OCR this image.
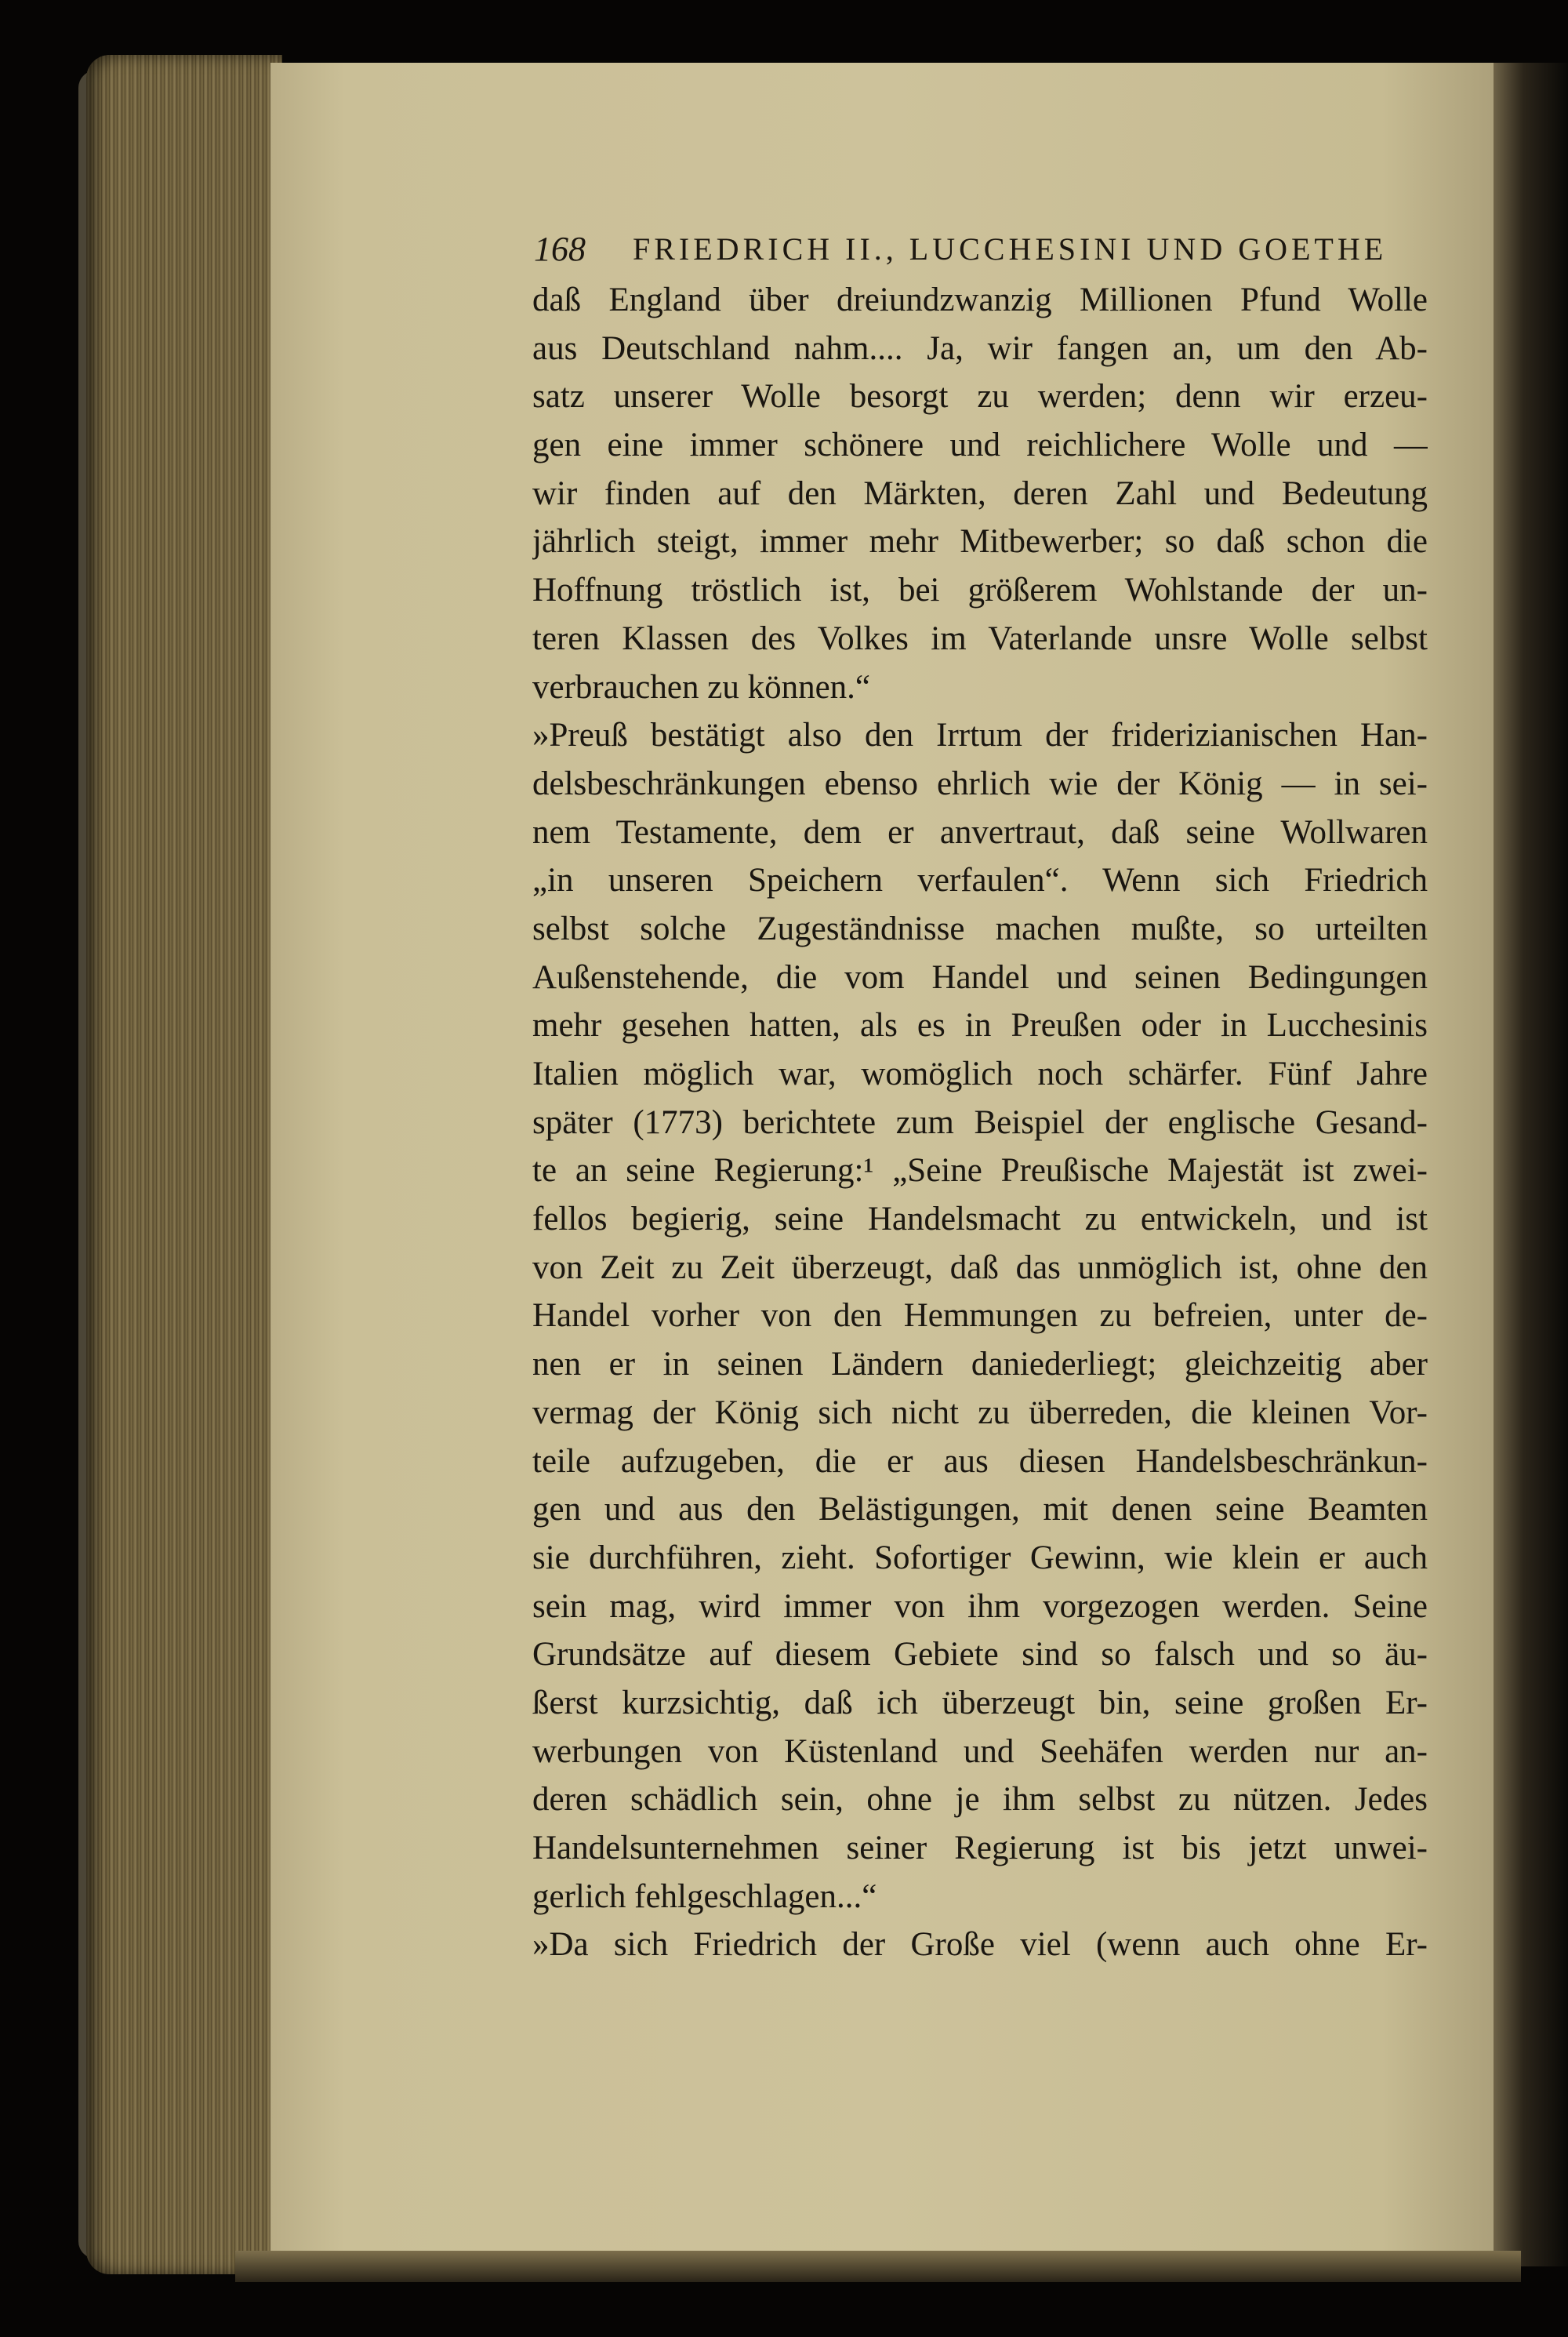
168 FRIEDRICH II., LUCCHESINI UND GOETHE
daß England über dreiundzwanzig Millionen Pfund Wolle
aus Deutschland nahm.... Ja, wir fangen an, um den Ab-
satz unserer Wolle besorgt zu werden; denn wir erzeu-
gen eine immer schönere und reichlichere Wolle und —
wir finden auf den Märkten, deren Zahl und Bedeutung
jährlich steigt, immer mehr Mitbewerber; so daß schon die
Hoffnung tröstlich ist, bei größerem Wohlstande der un-
teren Klassen des Volkes im Vaterlande unsre Wolle selbst
verbrauchen zu können.“
»Preuß bestätigt also den Irrtum der friderizianischen Han-
delsbeschränkungen ebenso ehrlich wie der König — in sei-
nem Testamente, dem er anvertraut, daß seine Wollwaren
„in unseren Speichern verfaulen“. Wenn sich Friedrich
selbst solche Zugeständnisse machen mußte, so urteilten
Außenstehende, die vom Handel und seinen Bedingungen
mehr gesehen hatten, als es in Preußen oder in Lucchesinis
Italien möglich war, womöglich noch schärfer. Fünf Jahre
später (1773) berichtete zum Beispiel der englische Gesand-
te an seine Regierung:¹ „Seine Preußische Majestät ist zwei-
fellos begierig, seine Handelsmacht zu entwickeln, und ist
von Zeit zu Zeit überzeugt, daß das unmöglich ist, ohne den
Handel vorher von den Hemmungen zu befreien, unter de-
nen er in seinen Ländern daniederliegt; gleichzeitig aber
vermag der König sich nicht zu überreden, die kleinen Vor-
teile aufzugeben, die er aus diesen Handelsbeschränkun-
gen und aus den Belästigungen, mit denen seine Beamten
sie durchführen, zieht. Sofortiger Gewinn, wie klein er auch
sein mag, wird immer von ihm vorgezogen werden. Seine
Grundsätze auf diesem Gebiete sind so falsch und so äu-
ßerst kurzsichtig, daß ich überzeugt bin, seine großen Er-
werbungen von Küstenland und Seehäfen werden nur an-
deren schädlich sein, ohne je ihm selbst zu nützen. Jedes
Handelsunternehmen seiner Regierung ist bis jetzt unwei-
gerlich fehlgeschlagen...“
»Da sich Friedrich der Große viel (wenn auch ohne Er-
